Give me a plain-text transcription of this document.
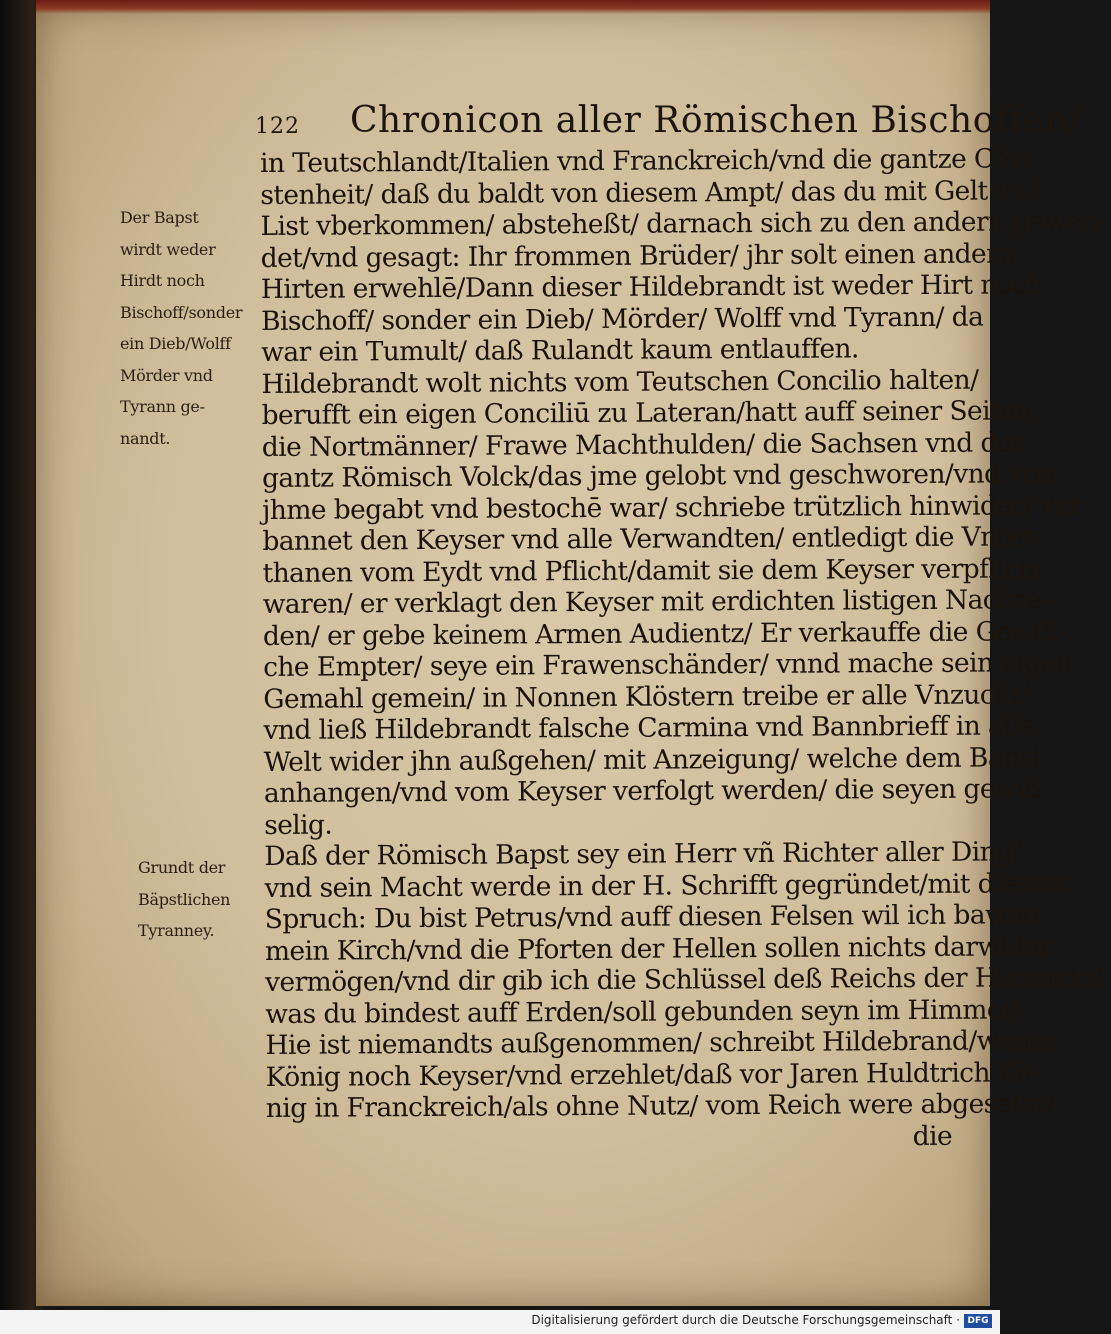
122 Chronicon aller Römischen Bischoffen/
Der Bapst
wirdt weder
Hirdt noch
Bischoff/sonder
ein Dieb/Wolff
Mörder vnd
Tyrann ge-
nandt.
Grundt der
Bäpstlichen
Tyranney.
in Teutschlandt/Italien vnd Franckreich/vnd die gantze Chri-
stenheit/ daß du baldt von diesem Ampt/ das du mit Gelt vnd
List vberkommen/ absteheßt/ darnach sich zu den andern gewen-
det/vnd gesagt: Ihr frommen Brüder/ jhr solt einen andern
Hirten erwehlē/Dann dieser Hildebrandt ist weder Hirt noch
Bischoff/ sonder ein Dieb/ Mörder/ Wolff vnd Tyrann/ da
war ein Tumult/ daß Rulandt kaum entlauffen.
Hildebrandt wolt nichts vom Teutschen Concilio halten/
berufft ein eigen Conciliū zu Lateran/hatt auff seiner Seiten
die Nortmänner/ Frawe Machthulden/ die Sachsen vnd das
gantz Römisch Volck/das jme gelobt vnd geschworen/vnd von
jhme begabt vnd bestochē war/ schriebe trützlich hinwider/ ver-
bannet den Keyser vnd alle Verwandten/ entledigt die Vnter-
thanen vom Eydt vnd Pflicht/damit sie dem Keyser verpflicht
waren/ er verklagt den Keyser mit erdichten listigen Nachre-
den/ er gebe keinem Armen Audientz/ Er verkauffe die Geistli-
che Empter/ seye ein Frawenschänder/ vnnd mache sein eigen
Gemahl gemein/ in Nonnen Klöstern treibe er alle Vnzucht/
vnd ließ Hildebrandt falsche Carmina vnd Bannbrieff in alle
Welt wider jhn außgehen/ mit Anzeigung/ welche dem Bapst
anhangen/vnd vom Keyser verfolgt werden/ die seyen gewiß
selig.
Daß der Römisch Bapst sey ein Herr vñ Richter aller Ding/
vnd sein Macht werde in der H. Schrifft gegründet/mit diesem
Spruch: Du bist Petrus/vnd auff diesen Felsen wil ich bawen
mein Kirch/vnd die Pforten der Hellen sollen nichts darwider
vermögen/vnd dir gib ich die Schlüssel deß Reichs der Himmeln/
was du bindest auff Erden/soll gebunden seyn im Himmel/
Hie ist niemandts außgenommen/ schreibt Hildebrand/weder
König noch Keyser/vnd erzehlet/daß vor Jaren Huldtrich Kö-
nig in Franckreich/als ohne Nutz/ vom Reich were abgesetzt/
die
Digitalisierung gefördert durch die Deutsche Forschungsgemeinschaft · DFG
